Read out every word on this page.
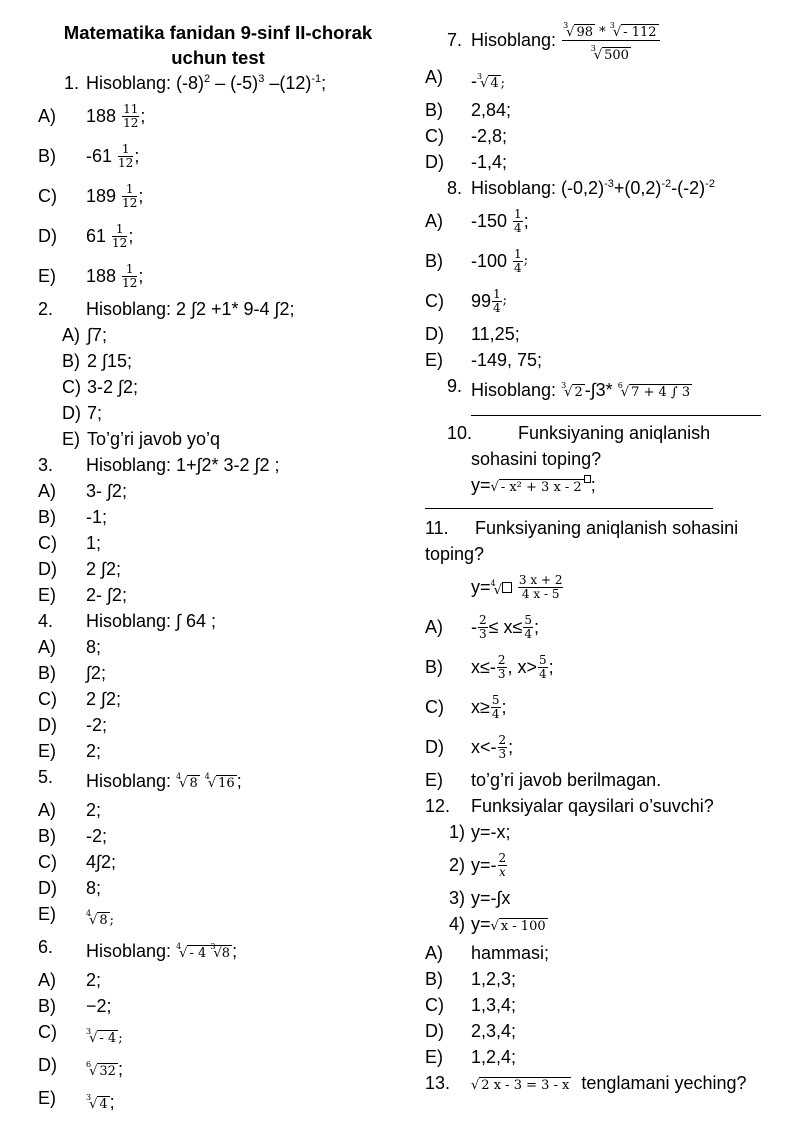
Matematika fanidan 9-sinf II-chorak
uchun test
1. Hisoblang: $(-8)^2 - (-5)^3$ $-(12)^{-1}$;
A) 188
$\frac{11}{12}$ ;
B) -61
$\frac{1}{12}$ ;
C) 189
$\frac{1}{12}$ ;
D) 61
$\frac{1}{12}$ ;
E) 188
$\frac{1}{12}$ ;
2. Hisoblang: 2 ∫2 +1* 9-4 ∫2;
A) ∫7;
B) 2 ∫15;
C) 3-2 ∫2;
D) 7;
E) To’g’ri javob yo’q
3. Hisoblang: 1+∫2* 3-2 ∫2 ;
A) 3- ∫2;
B) -1;
C) 1;
D) 2 ∫2;
E) 2- ∫2;
4. Hisoblang: ∫ 64 ;
A) 8;
B) ∫2;
C) 2 ∫2;
D) -2;
E) 2;
5. Hisoblang: $^4$√ 8 $^4$√ 16 ;
A) 2;
B) -2;
C) 4∫2;
D) 8;
E)	$^4$√ 8 ;
6. Hisoblang: $^4$√ - 4 $^3$√8 ;
A) 2;
B) −2;
C)	$^3$√ - 4 ;
D)	$^6$√ 32 ;
E)	$^3$√ 4 ;
7. Hisoblang:
$\frac{^3√ 98 * ^3√ - 112}{^3√ 500}$
A) -$^3$√ 4 ;
B) 2,84;
C) -2,8;
D) -1,4;
8. Hisoblang: $(-0,2)^{-3}+(0,2)^{-2}-(-2)^{-2}$
A) -150
$\frac{1}{4}$ ;
B) -100
$\frac{1}{4}$ ;
C) $99 \frac{1}{4}$ ;
D) 11,25;
E) -149, 75;
9. Hisoblang: $^3$√ 2 -∫3* $^6$√ 7 + 4 ∫ 3
10.	Funksiyaning aniqlanish
sohasini toping?
y=√ - x² + 3 x - 2 ;
11. Funksiyaning aniqlanish sohasini
toping?
y= $^4$√
$\frac{3 x + 2}{4 x - 5}$
$A) - \frac{2}{3} \le x\le \frac{5}{4}$ ;
B) $x\le- \frac{2}{3}$ , $x> \frac{5}{4}$ ;
C) $x\ge \frac{5}{4}$ ;
D) $x<- \frac{2}{3}$ ;
E) to’g’ri javob berilmagan.
12. Funksiyalar qaysilari o’suvchi?
1) y=-x;
2) $y=- \frac{2}{x}$
3) y=-∫x
4) y=√ x - 100
A) hammasi;
B) 1,2,3;
C) 1,3,4;
D) 2,3,4;
E) 1,2,4;
13. √ 2 x - 3 = 3 - x tenglamani yeching?
